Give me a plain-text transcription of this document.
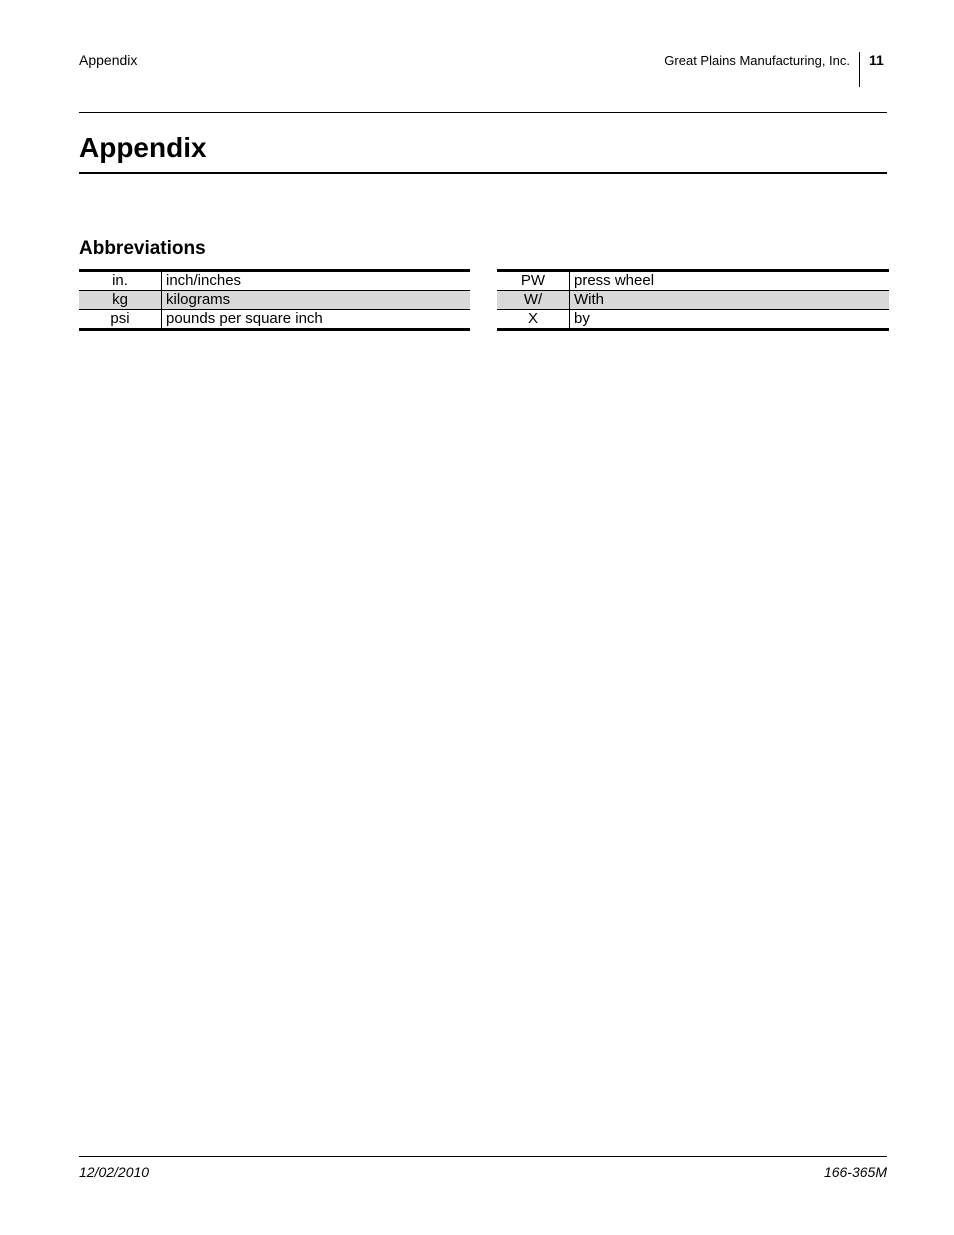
Appendix	Great Plains Manufacturing, Inc. 11
Appendix
Abbreviations
in.	inch/inches
kg	kilograms
psi	pounds per square inch
PW	press wheel
W/	With
X	by
12/02/2010	166-365M
